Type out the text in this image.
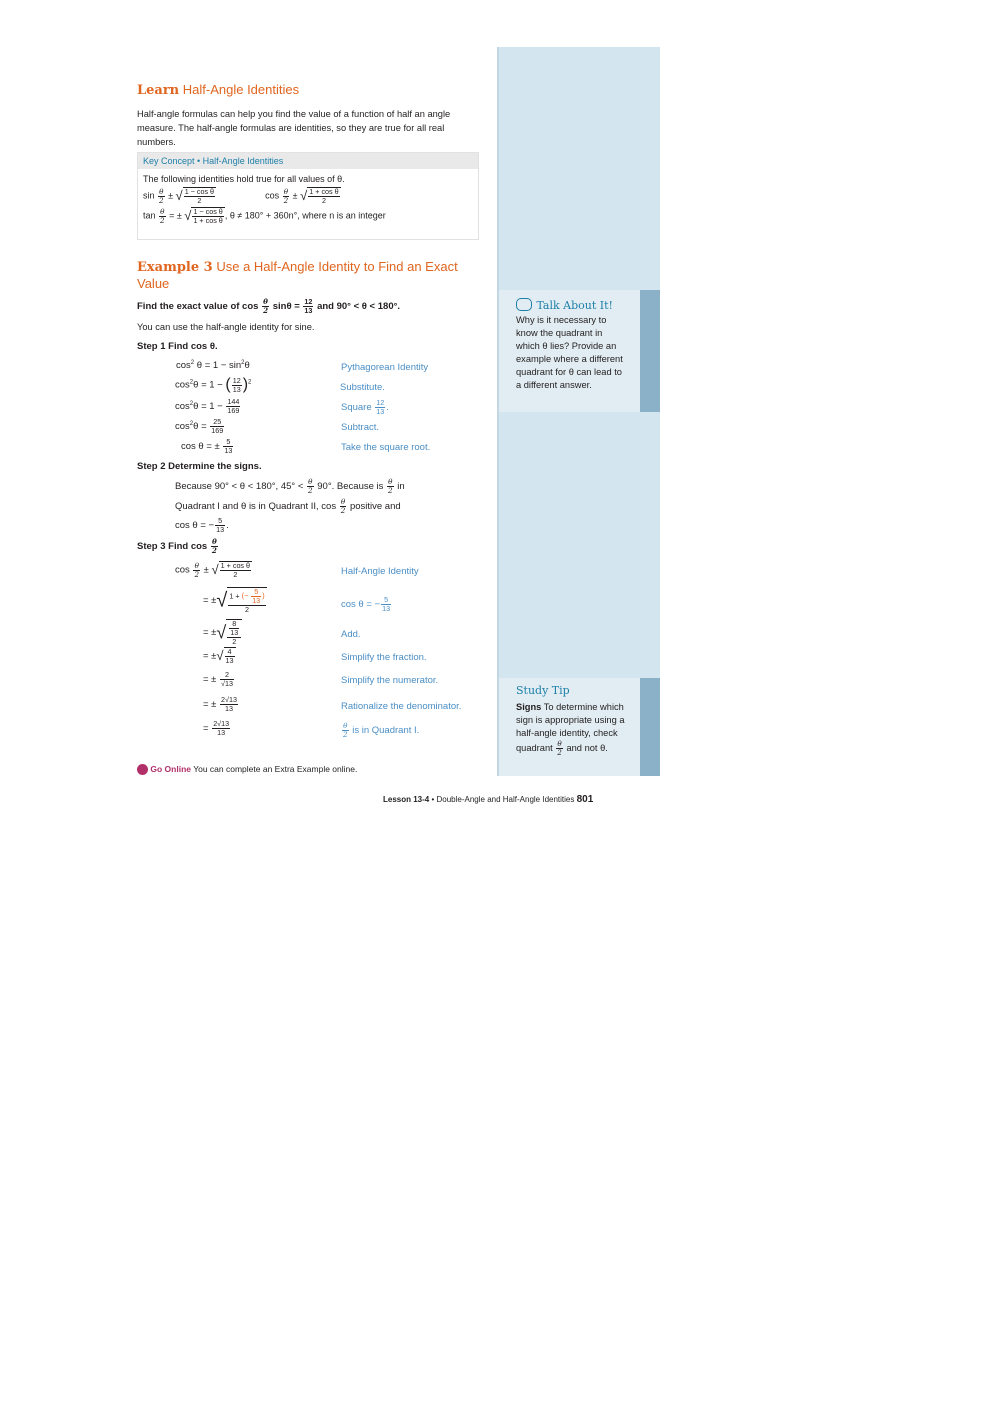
Learn Half-Angle Identities
Half-angle formulas can help you find the value of a function of half an angle measure. The half-angle formulas are identities, so they are true for all real numbers.
Key Concept • Half-Angle Identities
The following identities hold true for all values of θ.
$\sin \frac{\theta}{2}$ ± √ $\frac{\text{1 − cos θ}}{2}$	$\cos \frac{\theta}{2}$ ± √ $\frac{\text{1 + cos θ}}{2}$
$\tan \frac{\theta}{2}$ = ± √ $\frac{\text{1 − cos θ}}{\text{1 + cos θ}}$ , θ ≠ 180° + 360n°, where n is an integer
Example 3 Use a Half-Angle Identity to Find an Exact Value
Find the exact value of $\cos \frac{\theta}{2}$ $\sin\theta = \frac{12}{13}$ and 90° < θ < 180°.
You can use the half-angle identity for sine.
Step 1 Find cos θ.
$\cos^2 \theta = 1 - \sin^2\theta$
$\cos^2\theta = 1$ − ( $\frac{12}{13} )^2$
$\cos^2\theta = 1 - \frac{144}{169}$
$\cos^2\theta = \frac{25}{169}$
cos θ = ± $\frac{5}{13}$
Pythagorean Identity
Substitute.
Square $\frac{12}{13}$ .
Subtract.
Take the square root.
Step 2 Determine the signs.
Because 90° < θ < 180°, $45^\circ < \frac{\theta}{2} 90^\circ$. Because is $\frac{\theta}{2}$ in
Quadrant I and θ is in Quadrant II, $\cos \frac{\theta}{2}$ positive and
cos θ = − $\frac{5}{13}$ .
Step 3 Find $\cos \frac{\theta}{2}$
$\cos \frac{\theta}{2}$ ± √ $\frac{\text{1 + cos θ}}{2}$
= ±√ $\frac{1 + (- \frac{5}{13} )}{2}$
= ±√ $\frac{\frac{8}{13}}{2}$
= ±√ $\frac{4}{13}$
= ± $\frac{2}{√13}$
= ± $\frac{2√13}{13}$
= $\frac{2√13}{13}$
Half-Angle Identity
cos θ = − $\frac{5}{13}$
Add.
Simplify the fraction.
Simplify the numerator.
Rationalize the denominator.
$\frac{\theta}{2}$ is in Quadrant I.
Go Online You can complete an Extra Example online.
Talk About It!
Why is it necessary to know the quadrant in which θ lies? Provide an example where a different quadrant for θ can lead to a different answer.
Study Tip
Signs To determine which sign is appropriate using a half-angle identity, check quadrant $\frac{\theta}{2}$ and not θ.
Lesson 13-4 • Double-Angle and Half-Angle Identities 801
